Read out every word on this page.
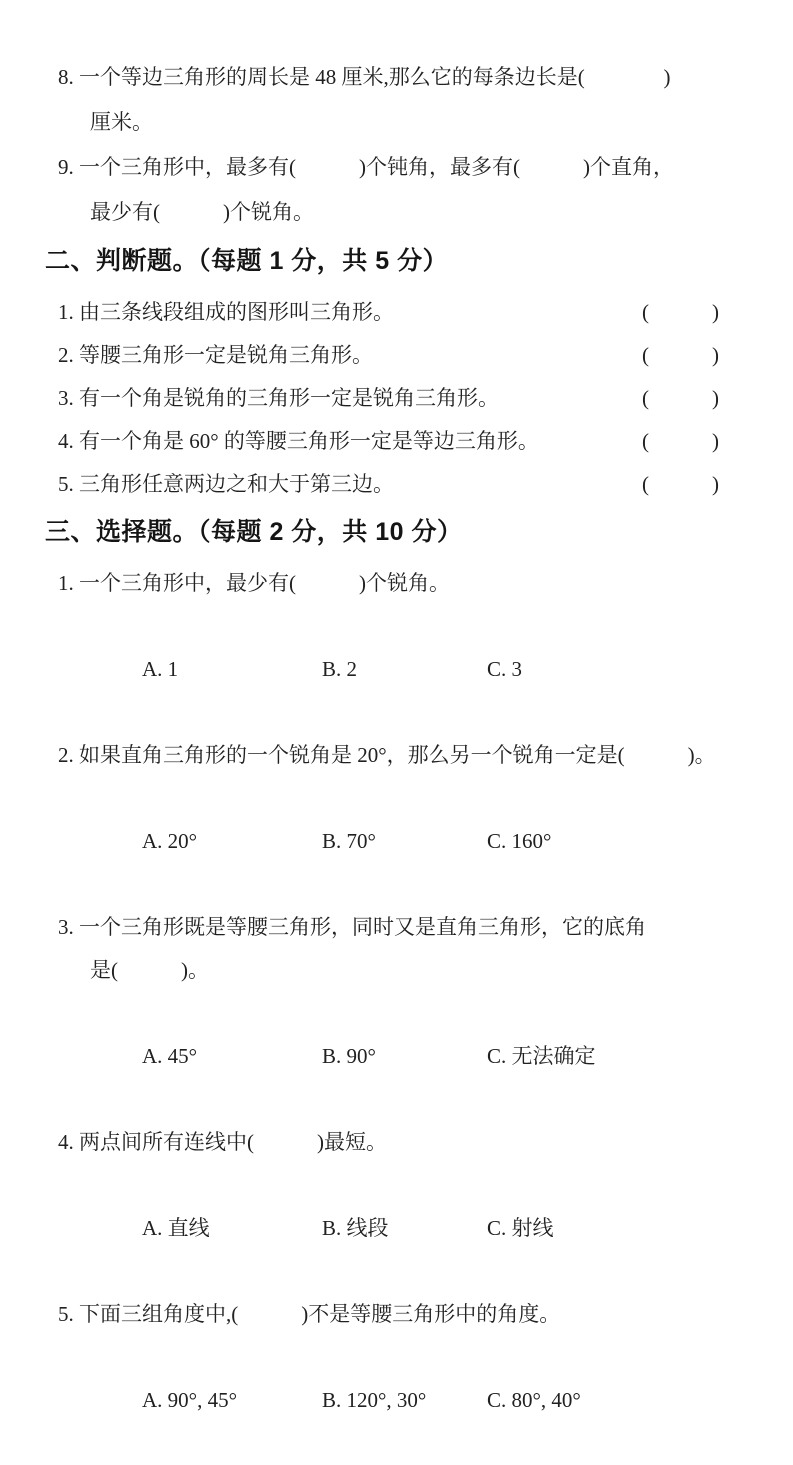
8. 一个等边三角形的周长是 48 厘米,那么它的每条边长是(               )
厘米。
9. 一个三角形中，最多有(            )个钝角，最多有(            )个直角，
最少有(            )个锐角。
二、判断题。（每题 1 分，共 5 分）
1. 由三条线段组成的图形叫三角形。	(            )
2. 等腰三角形一定是锐角三角形。	(            )
3. 有一个角是锐角的三角形一定是锐角三角形。	(            )
4. 有一个角是 60° 的等腰三角形一定是等边三角形。	(            )
5. 三角形任意两边之和大于第三边。	(            )
三、选择题。（每题 2 分，共 10 分）
1. 一个三角形中，最少有(            )个锐角。

A. 1	B. 2	C. 3

2. 如果直角三角形的一个锐角是 20°，那么另一个锐角一定是(            )。

A. 20°	B. 70°	C. 160°

3. 一个三角形既是等腰三角形，同时又是直角三角形，它的底角
是(            )。

A. 45°	B. 90°	C. 无法确定

4. 两点间所有连线中(            )最短。

A. 直线	B. 线段	C. 射线

5. 下面三组角度中,(            )不是等腰三角形中的角度。

A. 90°, 45°	B. 120°, 30°	C. 80°, 40°
